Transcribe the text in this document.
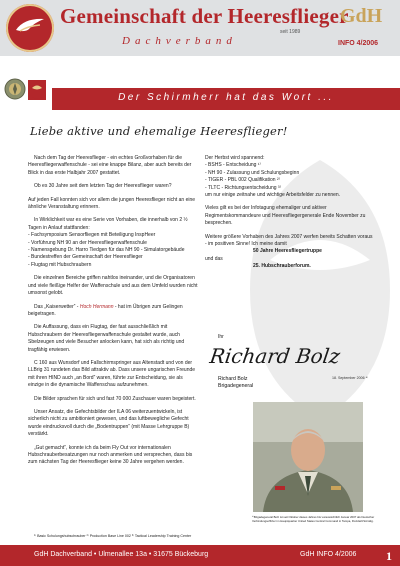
Gemeinschaft der Heeresflieger
seit 1989
Dachverband
GdH
INFO 4/2006
Der Schirmherr hat das Wort ...
Liebe aktive und ehemalige Heeresflieger!

Nach dem Tag der Heeresflieger - ein echtes Großvorhaben für die Heeresfliegerwaffenschule - sei eine knappe Bilanz, aber auch bereits der Blick in das erste Halbjahr 2007 gestattet.

Ob es 30 Jahre seit dem letzten Tag der Heeresflieger waren?

Auf jeden Fall konnten sich vor allem die jungen Heeresflieger nicht an eine ähnliche Veranstaltung erinnern.

In Wirklichkeit war es eine Serie von Vorhaben, die innerhalb von 2 ½ Tagen in Anlauf stattfanden:

- Fachsymposium Sensorfliegen mit Beteiligung InspHeer
- Vorführung NH 90 an der Heeresfliegerwaffenschule
- Namensgebung Dr. Harro Tiedgen für das NH 90 - Simulatorgebäude
- Bundestreffen der Gemeinschaft der Heeresflieger
- Flugtag mit Hubschraubern

Die einzelnen Bereiche griffen nahtlos ineinander, und die Organisatoren und viele fleißige Helfer der Waffenschule und aus dem Umfeld wurden nicht umsonst gelobt.

Das „Kaiserwetter“ - Hoch Hermann - hat im Übrigen zum Gelingen beigetragen.

Die Auffassung, dass ein Flugtag, der fast ausschließlich mit Hubschraubern der Heeresfliegerwaffenschule gestaltet wurde, auch Sbelzeugen und viele Besucher anlocken kann, hat sich als richtig und tragfähig erwiesen.

C 160 aus Wunsdorf und Fallschirmspringer aus Altenstadt und von der LLBrig 31 rundeten das Bild attraktiv ab. Dass unsere ungarischen Freunde mit ihren HIND auch „an Bord“ waren, führte zur Entscheidung, sie als einzige in die dynamische Waffenschau aufzunehmen.

Die Bilder sprachen für sich und fast 70 000 Zuschauer waren begeistert.

Unser Ansatz, die Gefechtsbilder der ILA 06 weiterzuentwickeln, ist sicherlich nicht zu ambitioniert gewesen, und das luftbewegliche Gefecht wurde eindrucksvoll durch die „Bodentruppen“ (mit Masse Lehrgruppe B) verstärkt.

„Gut gemacht“, konnte ich da beim Fly Out vor internationalen Hubschrauberbesatzungen nur noch anmerken und versprechen, dass bis zum nächsten Tag der Heeresflieger keine 30 Jahre vergehen werden.

Der Herbst wird spannend:
- BSHS - Entscheidung ¹⁾
- NH 90 - Zulassung und Schulungsbeginn
- TIGER - PBL 002 Qualifikation ²⁾
- TLTC - Richtungsentscheidung ³⁾
um nur einige zeitnahe und wichtige Arbeitsfelder zu nennen.

Vieles gilt es bei der Infotagung ehemaliger und aktiver Regimentskommandeure und Heeresfliegergenerale Ende November zu besprechen.

Weitere größere Vorhaben des Jahres 2007 werfen bereits Schatten voraus - im positiven Sinne! Ich meine damit

50 Jahre Heeresfliegertruppe
und das
25. Hubschrauberforum.
Ihr
Richard Bolz
18. September 2006 ⁴⁾
Richard Bolz
Brigadegeneral
⁴⁾Brigadegeneral Bolz ist seit Oktober dieses Jahres bis voraussichtlich Januar 2007 als Deutscher Verbindungsoffizier im Hauptquartier United States Central Command in Tampa, Florida/USA tätig.
¹⁾ Basic Schulungshubschrauber ²⁾ Production Base Line 002 ³⁾ Tactical Leadership Training Center
GdH Dachverband • Ulmenallee 13a • 31675 Bückeburg	GdH INFO 4/2006 1
